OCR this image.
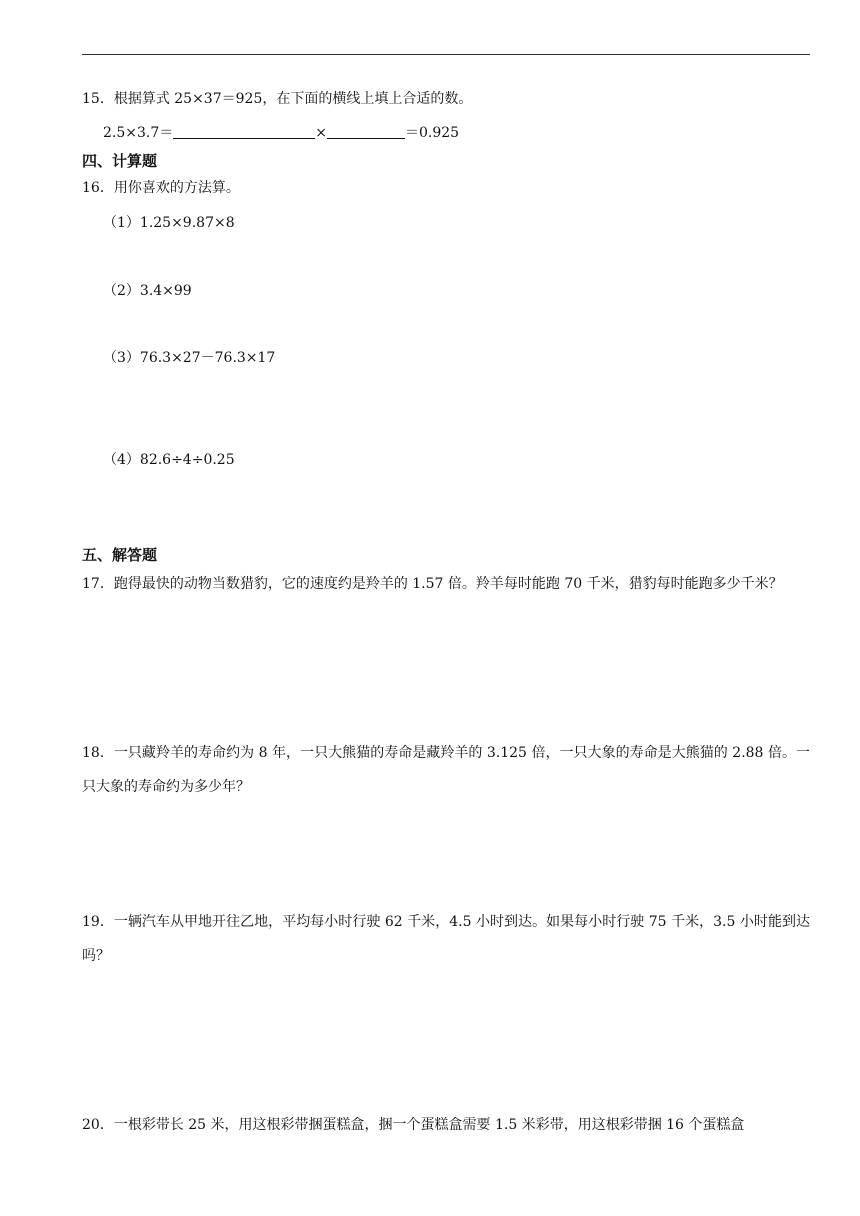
15．根据算式 25×37＝925，在下面的横线上填上合适的数。
2.5×3.7＝	×	＝0.925
四、计算题
16．用你喜欢的方法算。
（1）1.25×9.87×8
（2）3.4×99
（3）76.3×27－76.3×17
（4）82.6÷4÷0.25
五、解答题
17．跑得最快的动物当数猎豹，它的速度约是羚羊的 1.57 倍。羚羊每时能跑 70 千米，猎豹每时能跑多少千米？
18．一只藏羚羊的寿命约为 8 年，一只大熊猫的寿命是藏羚羊的 3.125 倍，一只大象的寿命是大熊猫的 2.88 倍。一只大象的寿命约为多少年？
19．一辆汽车从甲地开往乙地，平均每小时行驶 62 千米，4.5 小时到达。如果每小时行驶 75 千米，3.5 小时能到达吗？
20．一根彩带长 25 米，用这根彩带捆蛋糕盒，捆一个蛋糕盒需要 1.5 米彩带，用这根彩带捆 16 个蛋糕盒
